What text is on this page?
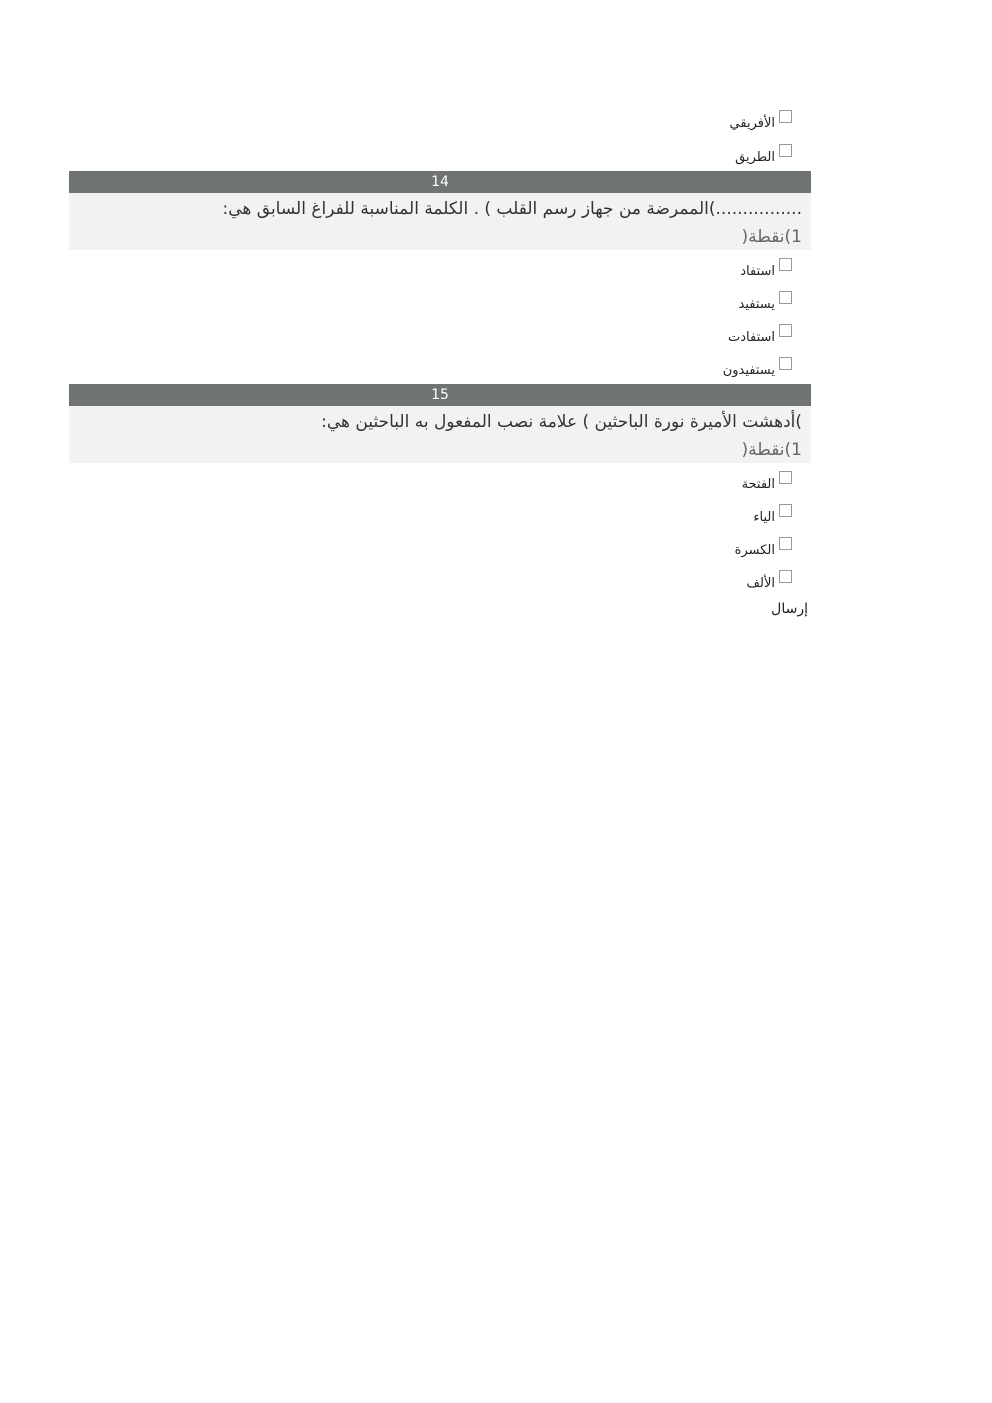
الأفريقي
الطريق
14
................)الممرضة من جهاز رسم القلب ) . الكلمة المناسبة للفراغ السابق هي:
1)نقطة(
استفاد
يستفيد
استفادت
يستفيدون
15
)أدهشت الأميرة نورة الباحثين ) علامة نصب المفعول به الباحثين هي:
1)نقطة(
الفتحة
الياء
الكسرة
الألف
إرسال
